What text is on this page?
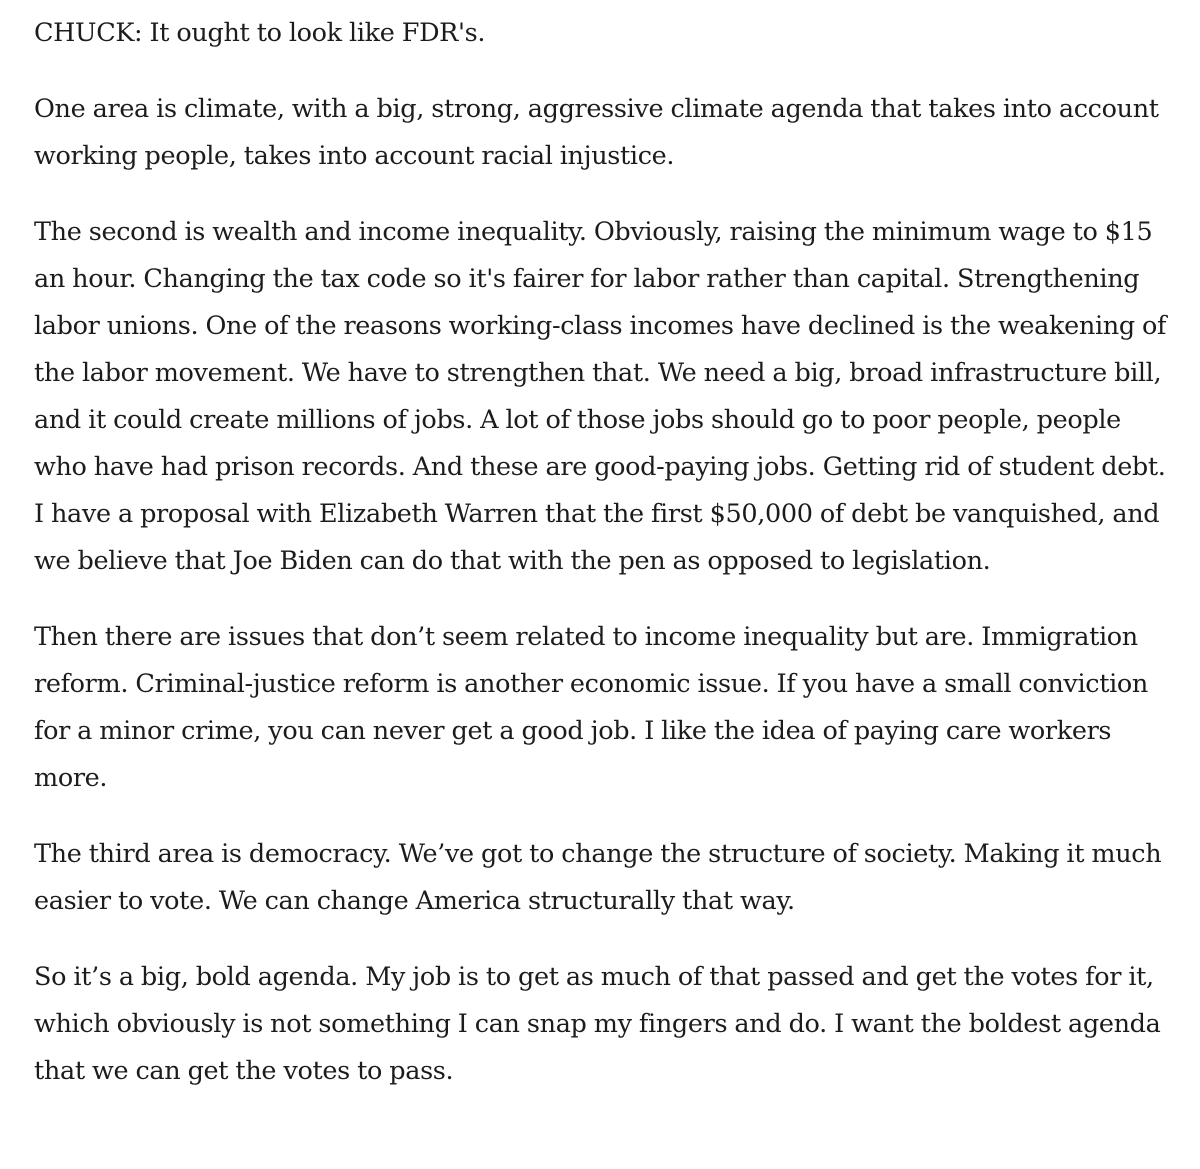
CHUCK: It ought to look like FDR's.

One area is climate, with a big, strong, aggressive climate agenda that takes into account working people, takes into account racial injustice.

The second is wealth and income inequality. Obviously, raising the minimum wage to $15 an hour. Changing the tax code so it's fairer for labor rather than capital. Strengthening labor unions. One of the reasons working-class incomes have declined is the weakening of the labor movement. We have to strengthen that. We need a big, broad infrastructure bill, and it could create millions of jobs. A lot of those jobs should go to poor people, people who have had prison records. And these are good-paying jobs. Getting rid of student debt. I have a proposal with Elizabeth Warren that the first $50,000 of debt be vanquished, and we believe that Joe Biden can do that with the pen as opposed to legislation.

Then there are issues that don’t seem related to income inequality but are. Immigration reform. Criminal-justice reform is another economic issue. If you have a small conviction for a minor crime, you can never get a good job. I like the idea of paying care workers more.

The third area is democracy. We’ve got to change the structure of society. Making it much easier to vote. We can change America structurally that way.

So it’s a big, bold agenda. My job is to get as much of that passed and get the votes for it, which obviously is not something I can snap my fingers and do. I want the boldest agenda that we can get the votes to pass.
